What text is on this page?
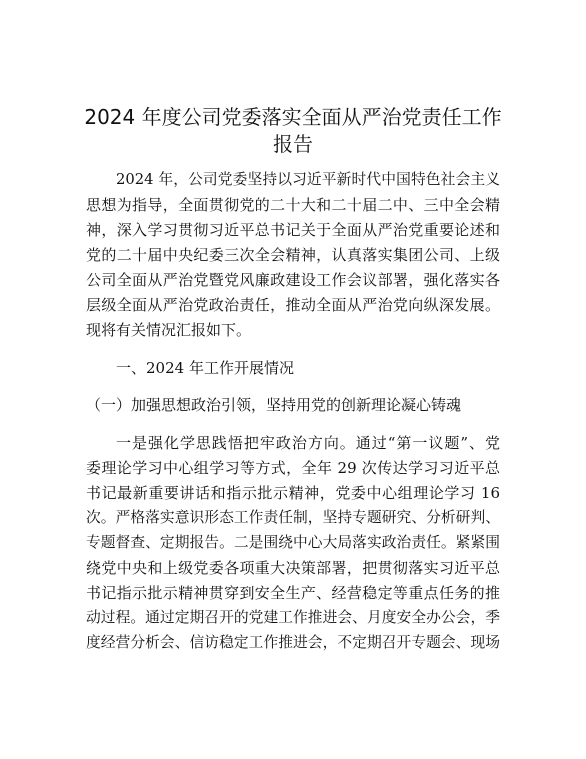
2024 年度公司党委落实全面从严治党责任工作
报告
2024 年，公司党委坚持以习近平新时代中国特色社会主义
思想为指导，全面贯彻党的二十大和二十届二中、三中全会精
神，深入学习贯彻习近平总书记关于全面从严治党重要论述和
党的二十届中央纪委三次全会精神，认真落实集团公司、上级
公司全面从严治党暨党风廉政建设工作会议部署，强化落实各
层级全面从严治党政治责任，推动全面从严治党向纵深发展。
现将有关情况汇报如下。
一、2024 年工作开展情况
（一）加强思想政治引领，坚持用党的创新理论凝心铸魂
一是强化学思践悟把牢政治方向。通过“第一议题”、党
委理论学习中心组学习等方式，全年 29 次传达学习习近平总
书记最新重要讲话和指示批示精神，党委中心组理论学习 16
次。严格落实意识形态工作责任制，坚持专题研究、分析研判、
专题督查、定期报告。二是围绕中心大局落实政治责任。紧紧围
绕党中央和上级党委各项重大决策部署，把贯彻落实习近平总
书记指示批示精神贯穿到安全生产、经营稳定等重点任务的推
动过程。通过定期召开的党建工作推进会、月度安全办公会，季
度经营分析会、信访稳定工作推进会，不定期召开专题会、现场
